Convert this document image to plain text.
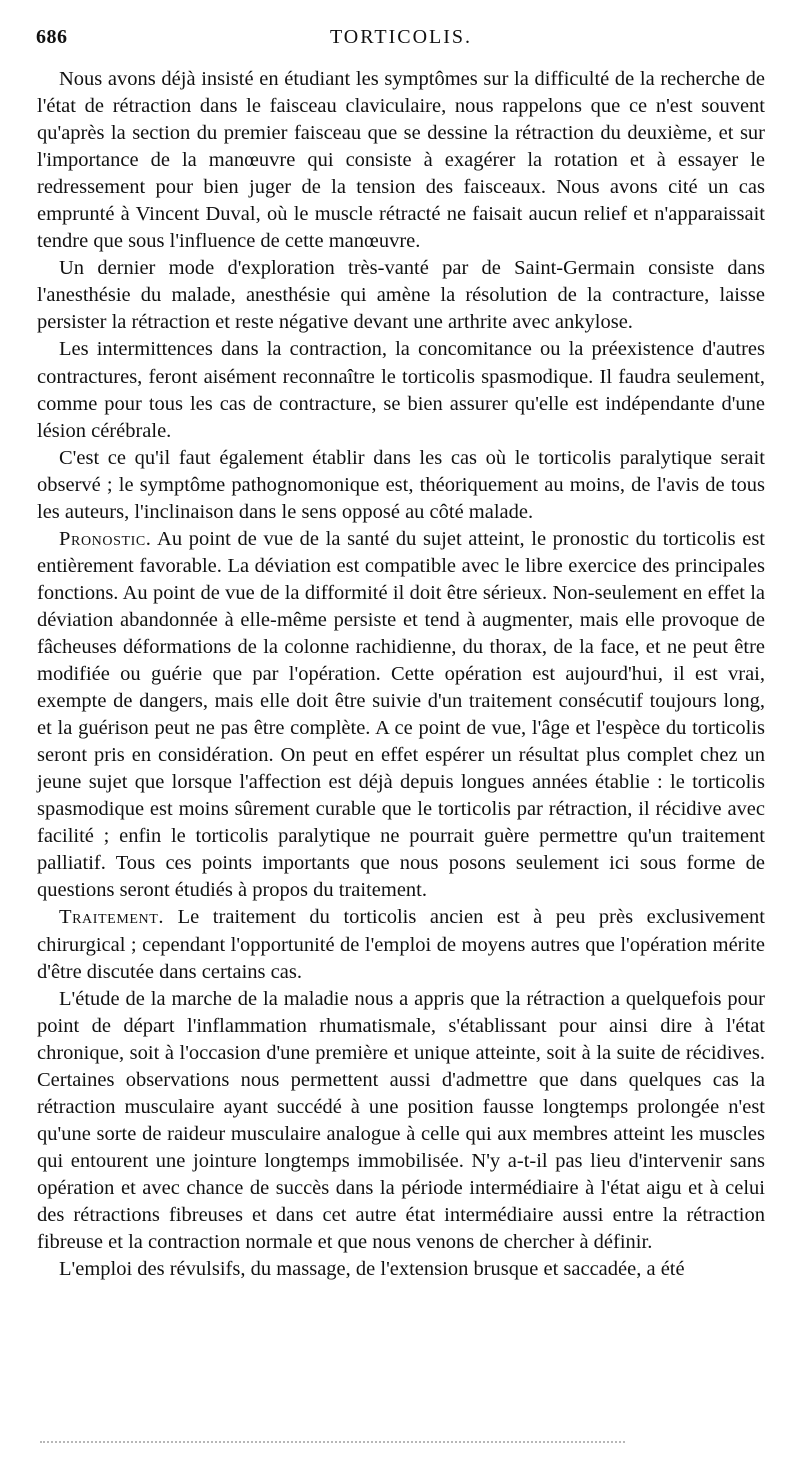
686	TORTICOLIS.

Nous avons déjà insisté en étudiant les symptômes sur la difficulté de la recherche de l'état de rétraction dans le faisceau claviculaire, nous rappelons que ce n'est souvent qu'après la section du premier faisceau que se dessine la rétraction du deuxième, et sur l'importance de la manœuvre qui consiste à exagérer la rotation et à essayer le redressement pour bien juger de la tension des faisceaux. Nous avons cité un cas emprunté à Vincent Duval, où le muscle rétracté ne faisait aucun relief et n'apparaissait tendre que sous l'influence de cette manœuvre.

Un dernier mode d'exploration très-vanté par de Saint-Germain consiste dans l'anesthésie du malade, anesthésie qui amène la résolution de la contracture, laisse persister la rétraction et reste négative devant une arthrite avec ankylose.

Les intermittences dans la contraction, la concomitance ou la préexistence d'autres contractures, feront aisément reconnaître le torticolis spasmodique. Il faudra seulement, comme pour tous les cas de contracture, se bien assurer qu'elle est indépendante d'une lésion cérébrale.

C'est ce qu'il faut également établir dans les cas où le torticolis paralytique serait observé ; le symptôme pathognomonique est, théoriquement au moins, de l'avis de tous les auteurs, l'inclinaison dans le sens opposé au côté malade.

Pronostic. Au point de vue de la santé du sujet atteint, le pronostic du torticolis est entièrement favorable. La déviation est compatible avec le libre exercice des principales fonctions. Au point de vue de la difformité il doit être sérieux. Non-seulement en effet la déviation abandonnée à elle-même persiste et tend à augmenter, mais elle provoque de fâcheuses déformations de la colonne rachidienne, du thorax, de la face, et ne peut être modifiée ou guérie que par l'opération. Cette opération est aujourd'hui, il est vrai, exempte de dangers, mais elle doit être suivie d'un traitement consécutif toujours long, et la guérison peut ne pas être complète. A ce point de vue, l'âge et l'espèce du torticolis seront pris en considération. On peut en effet espérer un résultat plus complet chez un jeune sujet que lorsque l'affection est déjà depuis longues années établie : le torticolis spasmodique est moins sûrement curable que le torticolis par rétraction, il récidive avec facilité ; enfin le torticolis paralytique ne pourrait guère permettre qu'un traitement palliatif. Tous ces points importants que nous posons seulement ici sous forme de questions seront étudiés à propos du traitement.

Traitement. Le traitement du torticolis ancien est à peu près exclusivement chirurgical ; cependant l'opportunité de l'emploi de moyens autres que l'opération mérite d'être discutée dans certains cas.

L'étude de la marche de la maladie nous a appris que la rétraction a quelquefois pour point de départ l'inflammation rhumatismale, s'établissant pour ainsi dire à l'état chronique, soit à l'occasion d'une première et unique atteinte, soit à la suite de récidives. Certaines observations nous permettent aussi d'admettre que dans quelques cas la rétraction musculaire ayant succédé à une position fausse longtemps prolongée n'est qu'une sorte de raideur musculaire analogue à celle qui aux membres atteint les muscles qui entourent une jointure longtemps immobilisée. N'y a-t-il pas lieu d'intervenir sans opération et avec chance de succès dans la période intermédiaire à l'état aigu et à celui des rétractions fibreuses et dans cet autre état intermédiaire aussi entre la rétraction fibreuse et la contraction normale et que nous venons de chercher à définir.

L'emploi des révulsifs, du massage, de l'extension brusque et saccadée, a été
